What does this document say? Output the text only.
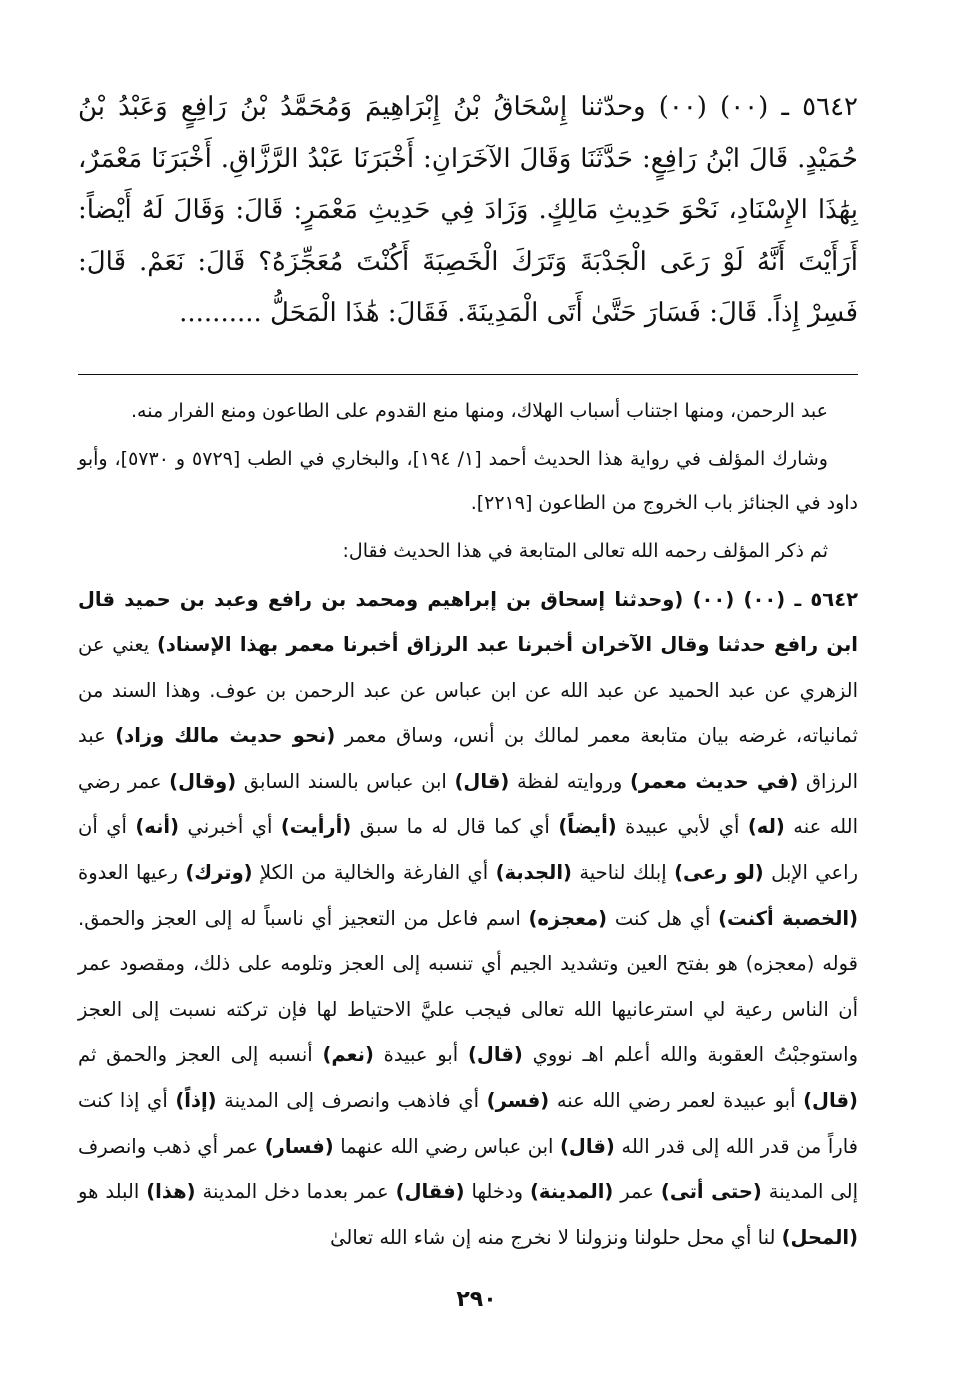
٥٦٤٢ ـ (٠٠) (٠٠) وحدّثنا إِسْحَاقُ بْنُ إِبْرَاهِيمَ وَمُحَمَّدُ بْنُ رَافِعٍ وَعَبْدُ بْنُ حُمَيْدٍ. قَالَ ابْنُ رَافِعٍ: حَدَّثَنَا وَقَالَ الآخَرَانِ: أَخْبَرَنَا عَبْدُ الرَّزَّاقِ. أَخْبَرَنَا مَعْمَرٌ، بِهَٰذَا الإِسْنَادِ، نَحْوَ حَدِيثِ مَالِكٍ. وَزَادَ فِي حَدِيثِ مَعْمَرٍ: قَالَ: وَقَالَ لَهُ أَيْضاً: أَرَأَيْتَ أَنَّهُ لَوْ رَعَى الْجَدْبَةَ وَتَرَكَ الْخَصِبَةَ أَكُنْتَ مُعَجِّزَهُ؟ قَالَ: نَعَمْ. قَالَ: فَسِرْ إِذاً. قَالَ: فَسَارَ حَتَّىٰ أَتَى الْمَدِينَةَ. فَقَالَ: هَٰذَا الْمَحَلُّ ..........

عبد الرحمن، ومنها اجتناب أسباب الهلاك، ومنها منع القدوم على الطاعون ومنع الفرار منه.

وشارك المؤلف في رواية هذا الحديث أحمد [١/ ١٩٤]، والبخاري في الطب [٥٧٢٩ و ٥٧٣٠]، وأبو داود في الجنائز باب الخروج من الطاعون [٢٢١٩].

ثم ذكر المؤلف رحمه الله تعالى المتابعة في هذا الحديث فقال:

٥٦٤٢ ـ (٠٠) (٠٠) (وحدثنا إسحاق بن إبراهيم ومحمد بن رافع وعبد بن حميد قال ابن رافع حدثنا وقال الآخران أخبرنا عبد الرزاق أخبرنا معمر بهذا الإسناد) يعني عن الزهري عن عبد الحميد عن عبد الله عن ابن عباس عن عبد الرحمن بن عوف. وهذا السند من ثمانياته، غرضه بيان متابعة معمر لمالك بن أنس، وساق معمر (نحو حديث مالك وزاد) عبد الرزاق (في حديث معمر) وروايته لفظة (قال) ابن عباس بالسند السابق (وقال) عمر رضي الله عنه (له) أي لأبي عبيدة (أيضاً) أي كما قال له ما سبق (أرأيت) أي أخبرني (أنه) أي أن راعي الإبل (لو رعى) إبلك لناحية (الجدبة) أي الفارغة والخالية من الكلإ (وترك) رعيها العدوة (الخصبة أكنت) أي هل كنت (معجزه) اسم فاعل من التعجيز أي ناسباً له إلى العجز والحمق. قوله (معجزه) هو بفتح العين وتشديد الجيم أي تنسبه إلى العجز وتلومه على ذلك، ومقصود عمر أن الناس رعية لي استرعانيها الله تعالى فيجب عليَّ الاحتياط لها فإن تركته نسبت إلى العجز واستوجبْتُ العقوبة والله أعلم اهـ نووي (قال) أبو عبيدة (نعم) أنسبه إلى العجز والحمق ثم (قال) أبو عبيدة لعمر رضي الله عنه (فسر) أي فاذهب وانصرف إلى المدينة (إذاً) أي إذا كنت فاراً من قدر الله إلى قدر الله (قال) ابن عباس رضي الله عنهما (فسار) عمر أي ذهب وانصرف إلى المدينة (حتى أتى) عمر (المدينة) ودخلها (فقال) عمر بعدما دخل المدينة (هذا) البلد هو (المحل) لنا أي محل حلولنا ونزولنا لا نخرج منه إن شاء الله تعالىٰ

٢٩٠
